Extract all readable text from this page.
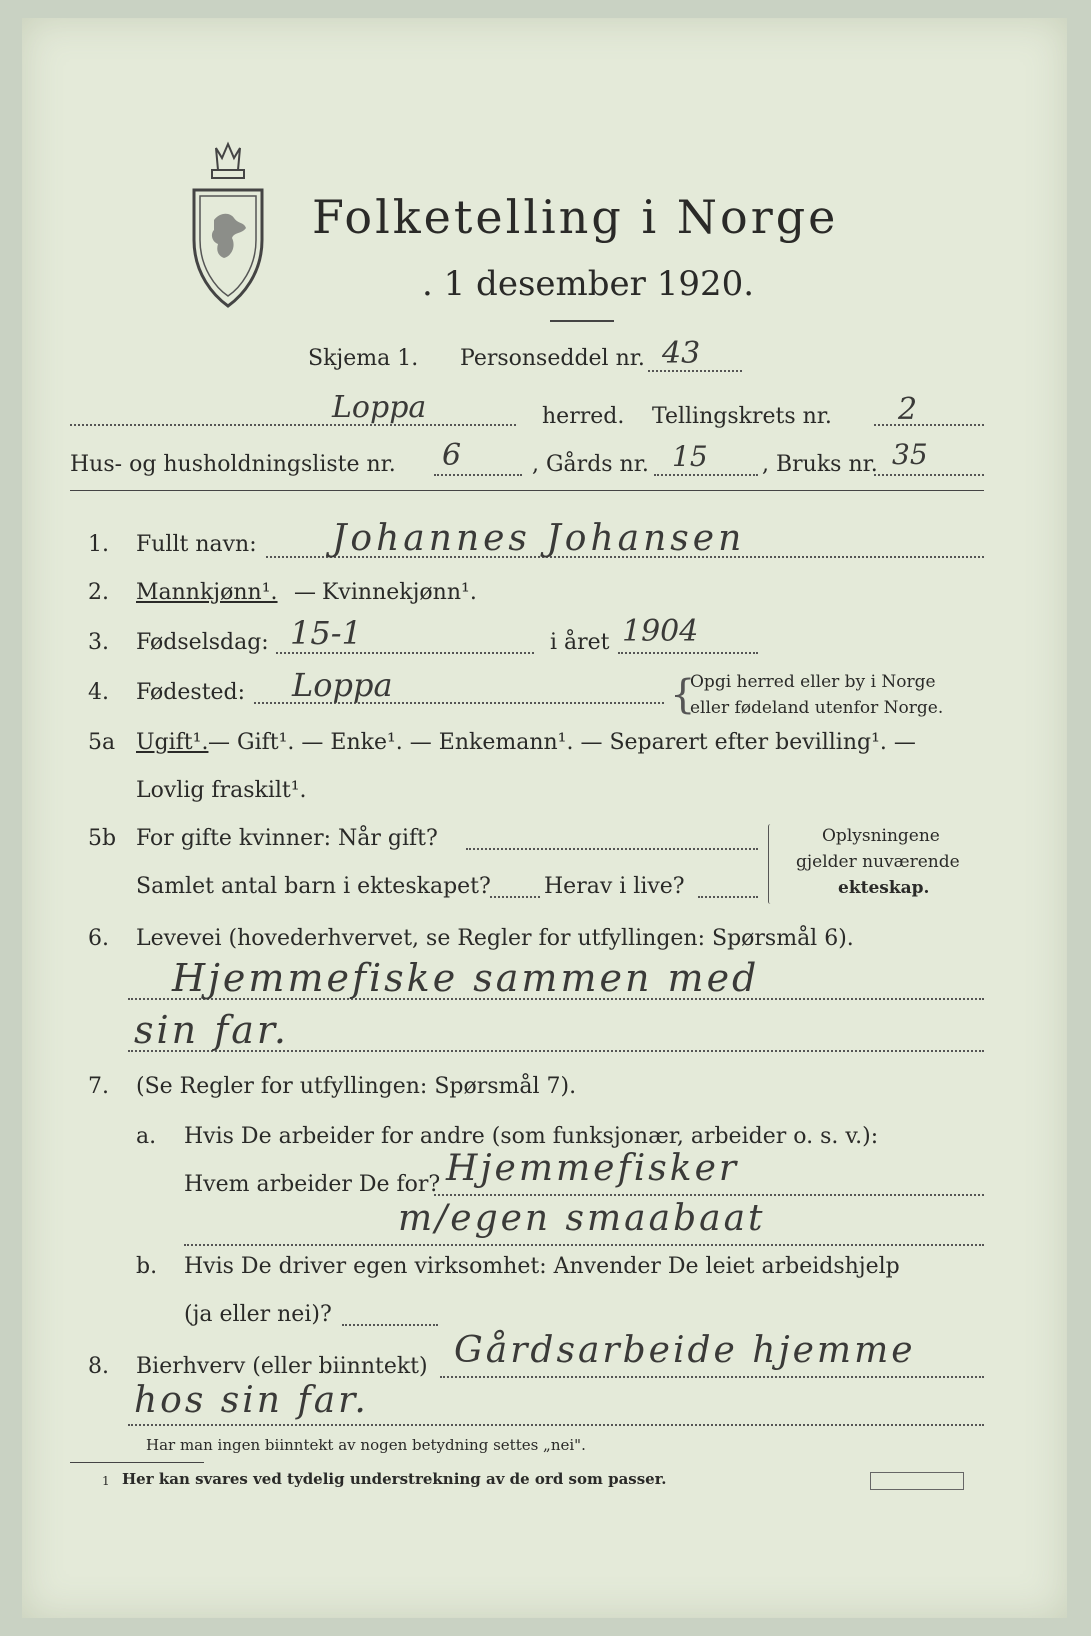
Folketelling i Norge
. 1 desember 1920.
Skjema 1. Personseddel nr. 43
Loppa	herred. Tellingskrets nr. 2
Hus- og husholdningsliste nr. 6	, Gårds nr. 15 , Bruks nr. 35
1. Fullt navn: Johannes Johansen
2. Mannkjønn¹. — Kvinnekjønn¹.
3. Fødselsdag: 15-1	i året 1904
4. Fødested: Loppa	{
Opgi herred eller by i Norge
eller fødeland utenfor Norge.
5a Ugift¹. — Gift¹. — Enke¹. — Enkemann¹. — Separert efter bevilling¹. —
Lovlig fraskilt¹.
5b For gifte kvinner: Når gift?
Samlet antal barn i ekteskapet? Herav i live?
Oplysningene
gjelder nuværende
ekteskap.
6. Levevei (hovederhvervet, se Regler for utfyllingen: Spørsmål 6).
Hjemmefiske sammen med
sin far.
7. (Se Regler for utfyllingen: Spørsmål 7).
a. Hvis De arbeider for andre (som funksjonær, arbeider o. s. v.):
Hvem arbeider De for? Hjemmefisker
m/egen smaabaat
b. Hvis De driver egen virksomhet: Anvender De leiet arbeidshjelp
(ja eller nei)?
8. Bierhverv (eller biinntekt) Gårdsarbeide hjemme
hos sin far.
Har man ingen biinntekt av nogen betydning settes „nei".
1 Her kan svares ved tydelig understrekning av de ord som passer.
